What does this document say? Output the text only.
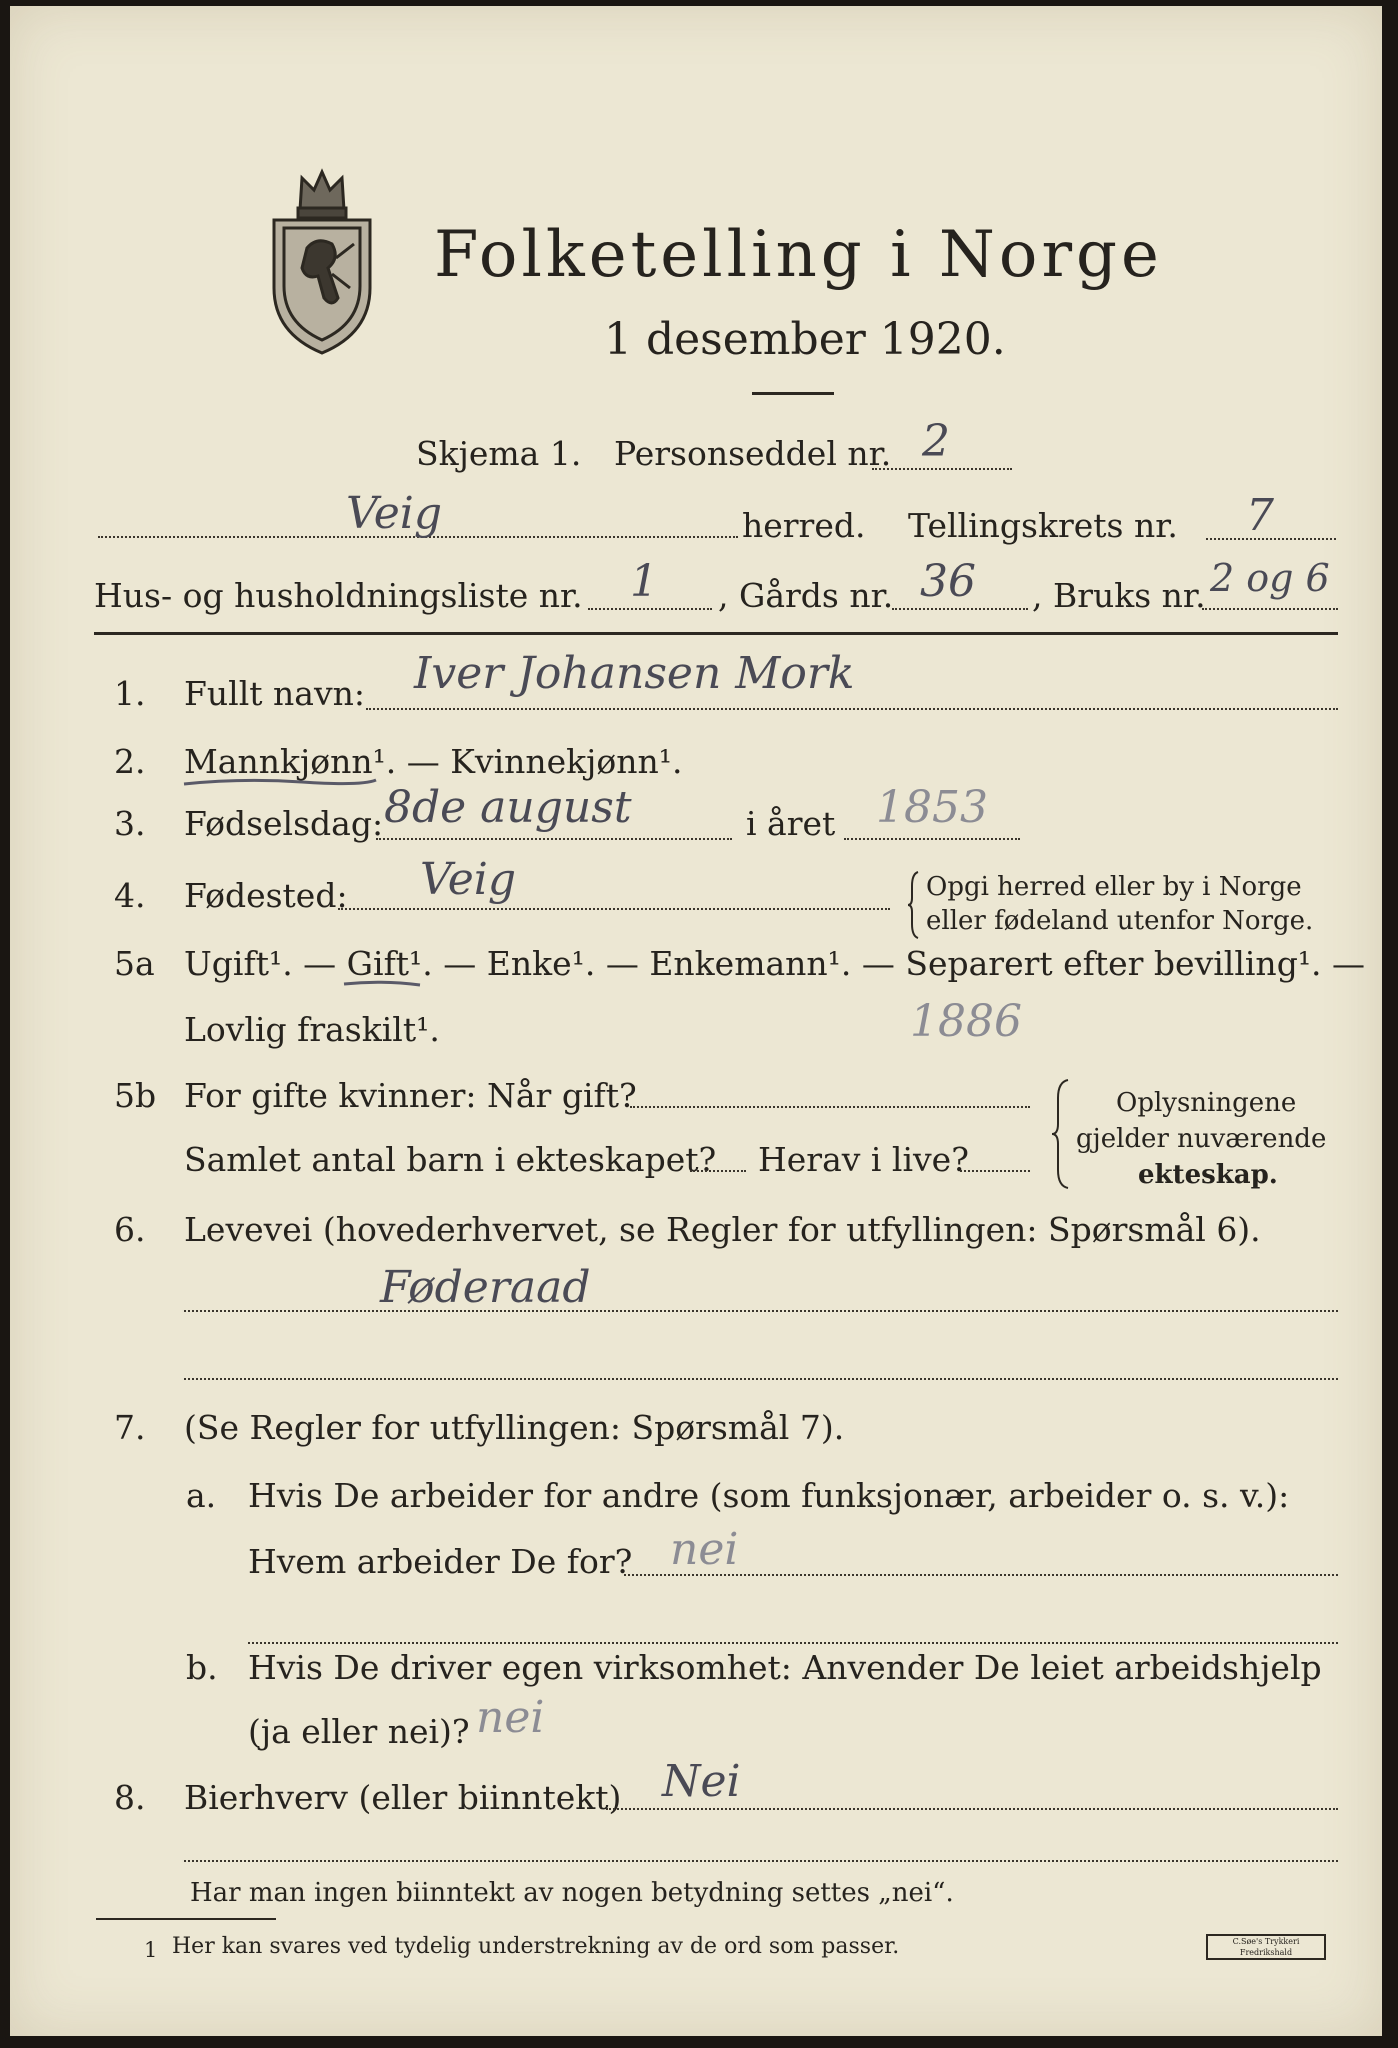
Folketelling i Norge
1 desember 1920.
Skjema 1. Personseddel nr. 2
Veig	herred. Tellingskrets nr. 7
Hus- og husholdningsliste nr. 1 , Gårds nr. 36 , Bruks nr. 2 og 6
1. Fullt navn: Iver Johansen Mork
2. Mannkjønn¹. — Kvinnekjønn¹.
3. Fødselsdag: 8de august	i året 1853
4. Fødested: Veig	Opgi herred eller by i Norge
eller fødeland utenfor Norge.
5a Ugift¹. — Gift¹. — Enke¹. — Enkemann¹. — Separert efter bevilling¹. —
Lovlig fraskilt¹.	1886
5b For gifte kvinner: Når gift?
Samlet antal barn i ekteskapet? Herav i live?
Oplysningene
gjelder nuværende
ekteskap.
6. Levevei (hovederhvervet, se Regler for utfyllingen: Spørsmål 6).
Føderaad
7. (Se Regler for utfyllingen: Spørsmål 7).
a. Hvis De arbeider for andre (som funksjonær, arbeider o. s. v.):
Hvem arbeider De for? nei
b. Hvis De driver egen virksomhet: Anvender De leiet arbeidshjelp
(ja eller nei)? nei
8. Bierhverv (eller biinntekt) Nei
Har man ingen biinntekt av nogen betydning settes „nei“.
1 Her kan svares ved tydelig understrekning av de ord som passer.	C.Søe's Trykkeri Fredrikshald
